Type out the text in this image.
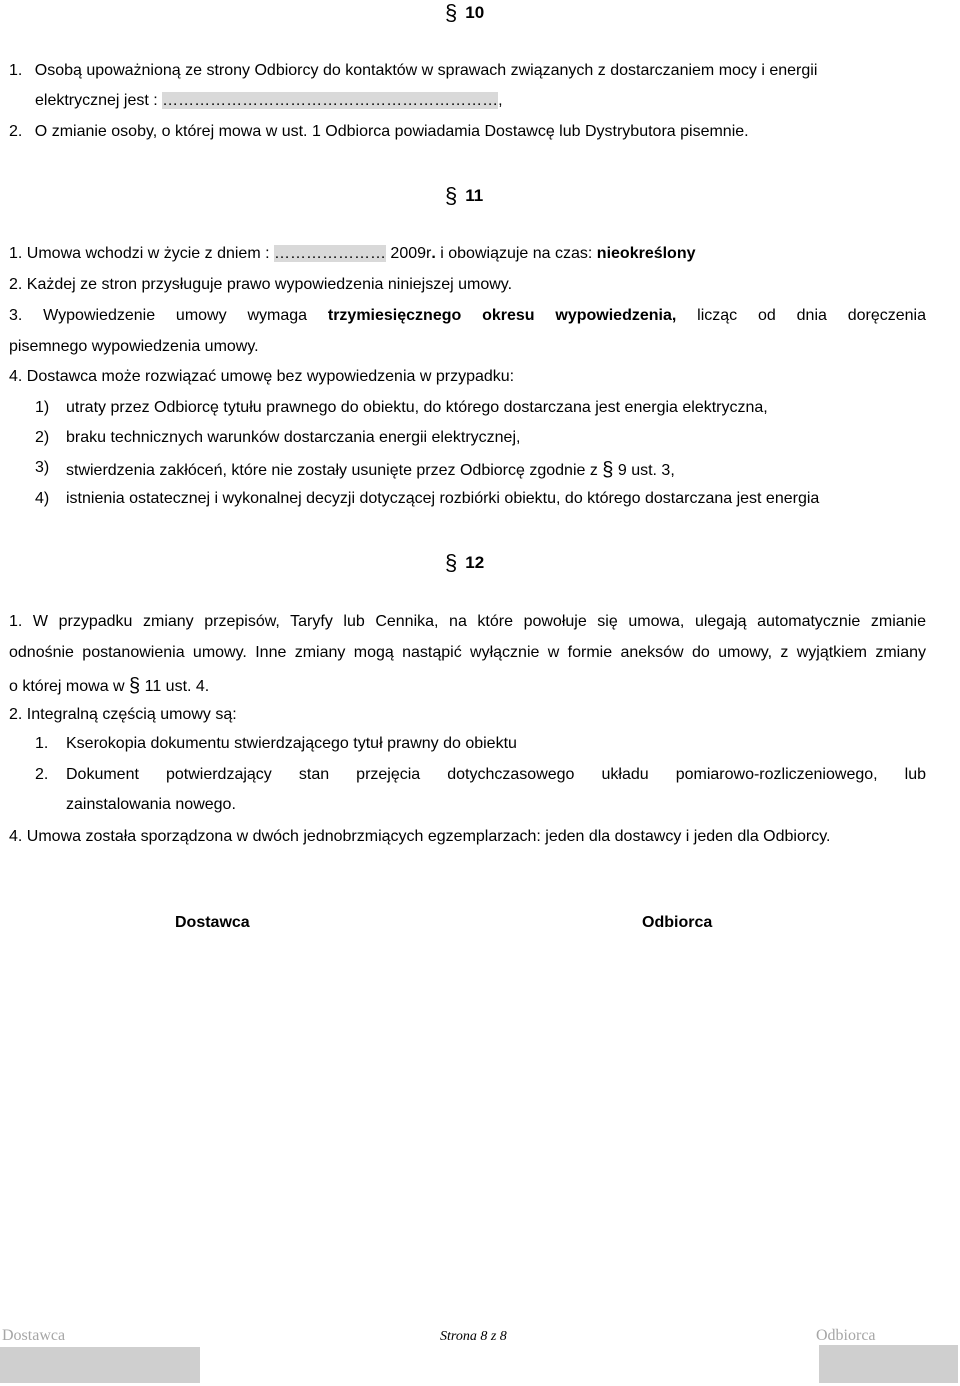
§ 10
1. Osobą upoważnioną ze strony Odbiorcy do kontaktów w sprawach związanych z dostarczaniem mocy i energii
elektrycznej jest : ………………………………………………………,
2. O zmianie osoby, o której mowa w ust. 1 Odbiorca powiadamia Dostawcę lub Dystrybutora pisemnie.
§ 11
1. Umowa wchodzi w życie z dniem : ………………… 2009r. i obowiązuje na czas: nieokreślony
2. Każdej ze stron przysługuje prawo wypowiedzenia niniejszej umowy.
3. Wypowiedzenie umowy wymaga trzymiesięcznego okresu wypowiedzenia, licząc od dnia doręczenia
pisemnego wypowiedzenia umowy.
4. Dostawca może rozwiązać umowę bez wypowiedzenia w przypadku:
1) utraty przez Odbiorcę tytułu prawnego do obiektu, do którego dostarczana jest energia elektryczna,
2) braku technicznych warunków dostarczania energii elektrycznej,
3) stwierdzenia zakłóceń, które nie zostały usunięte przez Odbiorcę zgodnie z § 9 ust. 3,
4) istnienia ostatecznej i wykonalnej decyzji dotyczącej rozbiórki obiektu, do którego dostarczana jest energia
§ 12
1. W przypadku zmiany przepisów, Taryfy lub Cennika, na które powołuje się umowa, ulegają automatycznie zmianie
odnośnie postanowienia umowy. Inne zmiany mogą nastąpić wyłącznie w formie aneksów do umowy, z wyjątkiem zmiany
o której mowa w § 11 ust. 4.
2. Integralną częścią umowy są:
1. Kserokopia dokumentu stwierdzającego tytuł prawny do obiektu
2. Dokument potwierdzający stan przejęcia dotychczasowego układu pomiarowo-rozliczeniowego, lub
zainstalowania nowego.
4. Umowa została sporządzona w dwóch jednobrzmiących egzemplarzach: jeden dla dostawcy i jeden dla Odbiorcy.
Dostawca	Odbiorca
Dostawca	Strona 8 z 8	Odbiorca
